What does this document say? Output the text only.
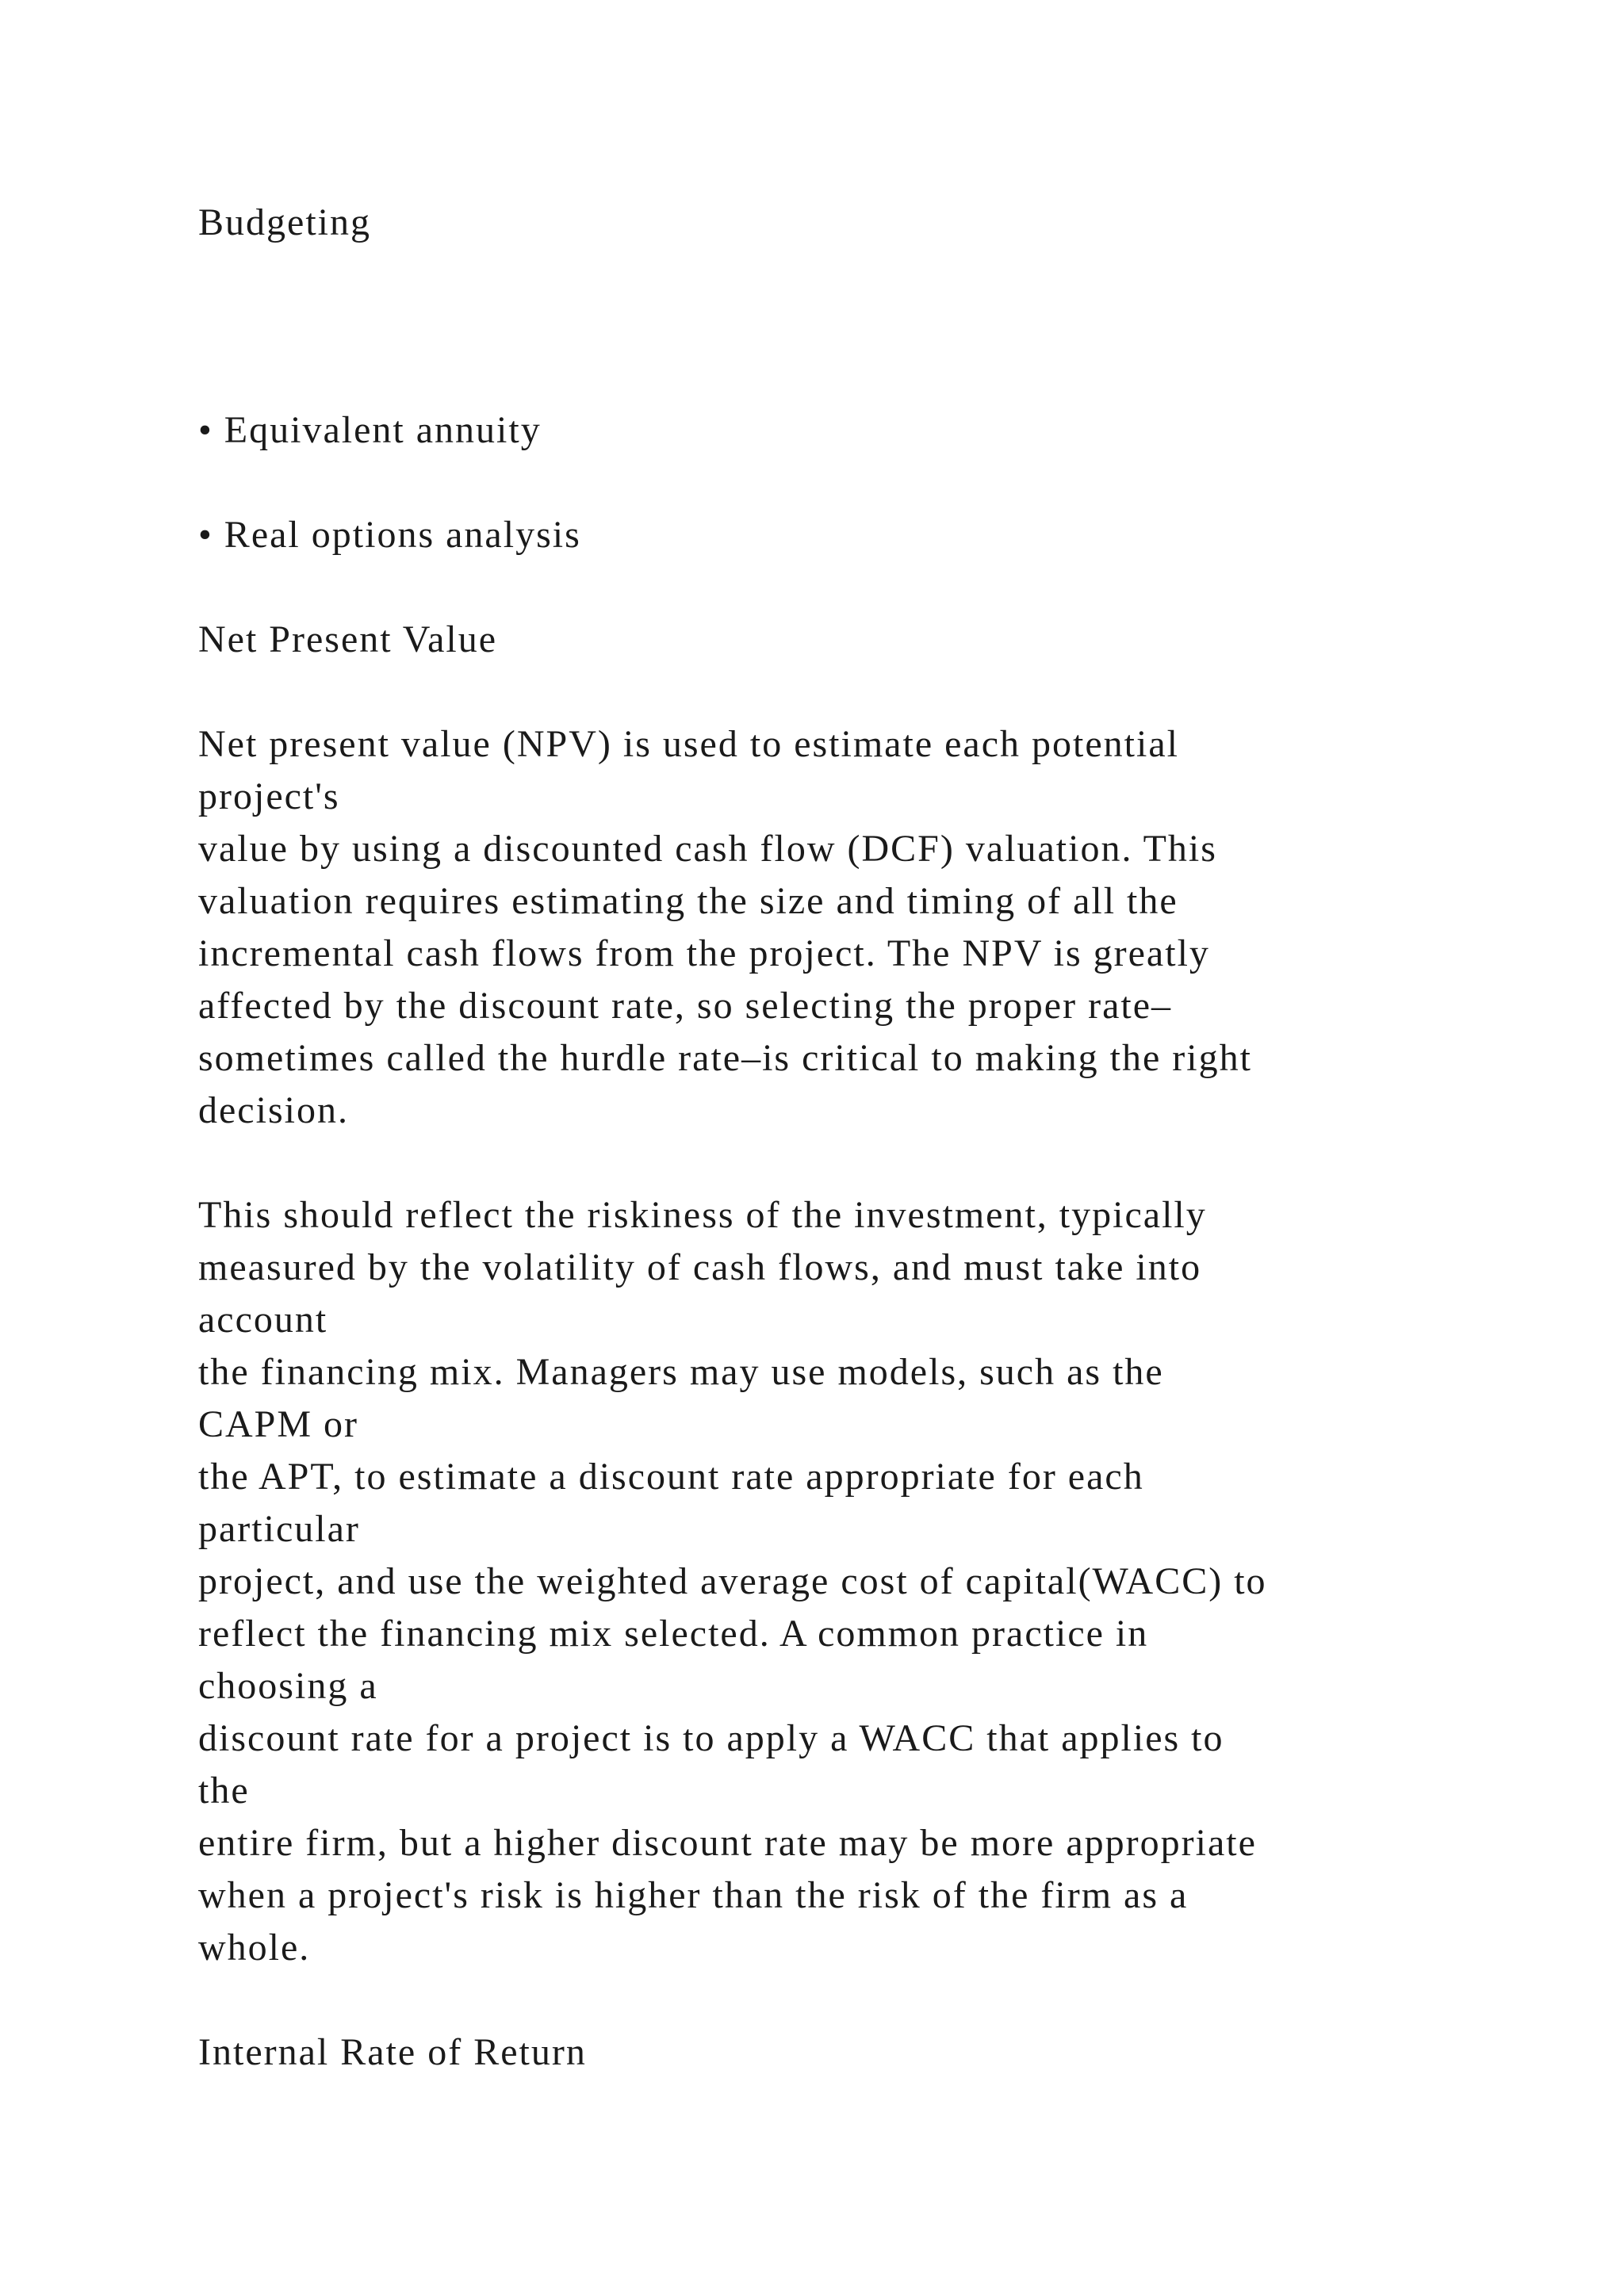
Budgeting
• Equivalent annuity
• Real options analysis
Net Present Value
Net present value (NPV) is used to estimate each potential
project's
value by using a discounted cash flow (DCF) valuation. This
valuation requires estimating the size and timing of all the
incremental cash flows from the project. The NPV is greatly
affected by the discount rate, so selecting the proper rate–
sometimes called the hurdle rate–is critical to making the right
decision.
This should reflect the riskiness of the investment, typically
measured by the volatility of cash flows, and must take into
account
the financing mix. Managers may use models, such as the
CAPM or
the APT, to estimate a discount rate appropriate for each
particular
project, and use the weighted average cost of capital(WACC) to
reflect the financing mix selected. A common practice in
choosing a
discount rate for a project is to apply a WACC that applies to
the
entire firm, but a higher discount rate may be more appropriate
when a project's risk is higher than the risk of the firm as a
whole.
Internal Rate of Return
